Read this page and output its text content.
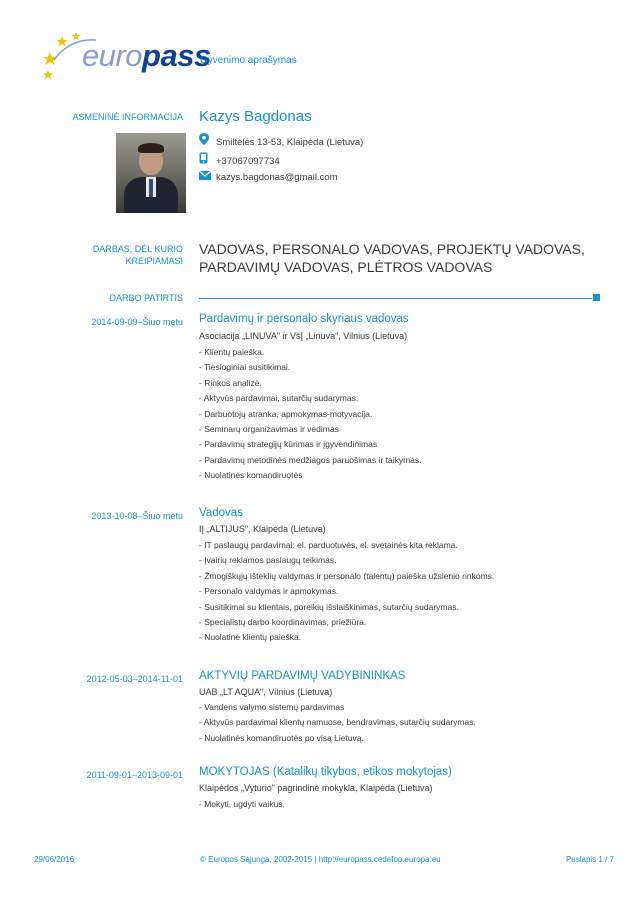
europass
Gyvenimo aprašymas
ASMENINĖ INFORMACIJA Kazys Bagdonas
Smiltelės 13-53, Klaipėda (Lietuva)
+37067097734
kazys.bagdonas@gmail.com
DARBAS, DĖL KURIO
KREIPIAMASI
VADOVAS, PERSONALO VADOVAS, PROJEKTŲ VADOVAS,
PARDAVIMŲ VADOVAS, PLĖTROS VADOVAS
DARBO PATIRTIS
2014-09-09–Šiuo metu Pardavimų ir personalo skyriaus vadovas
Asociacija „LINUVA" ir VšĮ „Linuva", Vilnius (Lietuva)
- Klientų paieška.
- Tiesioginiai susitikimai.
- Rinkos analizė.
- Aktyvūs pardavimai, sutarčių sudarymas.
- Darbuotojų atranka, apmokymas-motyvacija.
- Seminarų organizavimas ir vedimas
- Pardavimų strategijų kūrimas ir įgyvendinimas
- Pardavimų metodinės medžiagos paruošimas ir taikymas.
- Nuolatinės komandiruotės
2013-10-08–Šiuo metu Vadovas
IĮ „ALTIJUS", Klaipėda (Lietuva)
- IT paslaugų pardavimai: el. parduotuvės, el. svetainės kita reklama.
- Įvairių reklamos paslaugų teikimas.
- Žmogiškųjų išteklių valdymas ir personalo (talentų) paieška užsienio rinkoms.
- Personalo valdymas ir apmokymas.
- Susitikimai su klientais, poreikių išsiaiškinimas, sutarčių sudarymas.
- Specialistų darbo koordinavimas, priežiūra.
- Nuolatinė klientų paieška.
2012-05-03–2014-11-01 AKTYVIŲ PARDAVIMŲ VADYBININKAS
UAB „LT AQUA", Vilnius (Lietuva)
- Vandens valymo sistemų pardavimas
- Aktyvūs pardavimai klientų namuose, bendravimas, sutarčių sudarymas.
- Nuolatinės komandiruotės po visą Lietuvą.
2011-09-01–2013-09-01 MOKYTOJAS (Katalikų tikybos, etikos mokytojas)
Klaipėdos „Vyturio" pagrindinė mokykla, Klaipėda (Lietuva)
- Mokyti, ugdyti vaikus.
29/06/2016	© Europos Sąjunga, 2002-2015 | http://europass.cedefop.europa.eu	Puslapis 1 / 7
